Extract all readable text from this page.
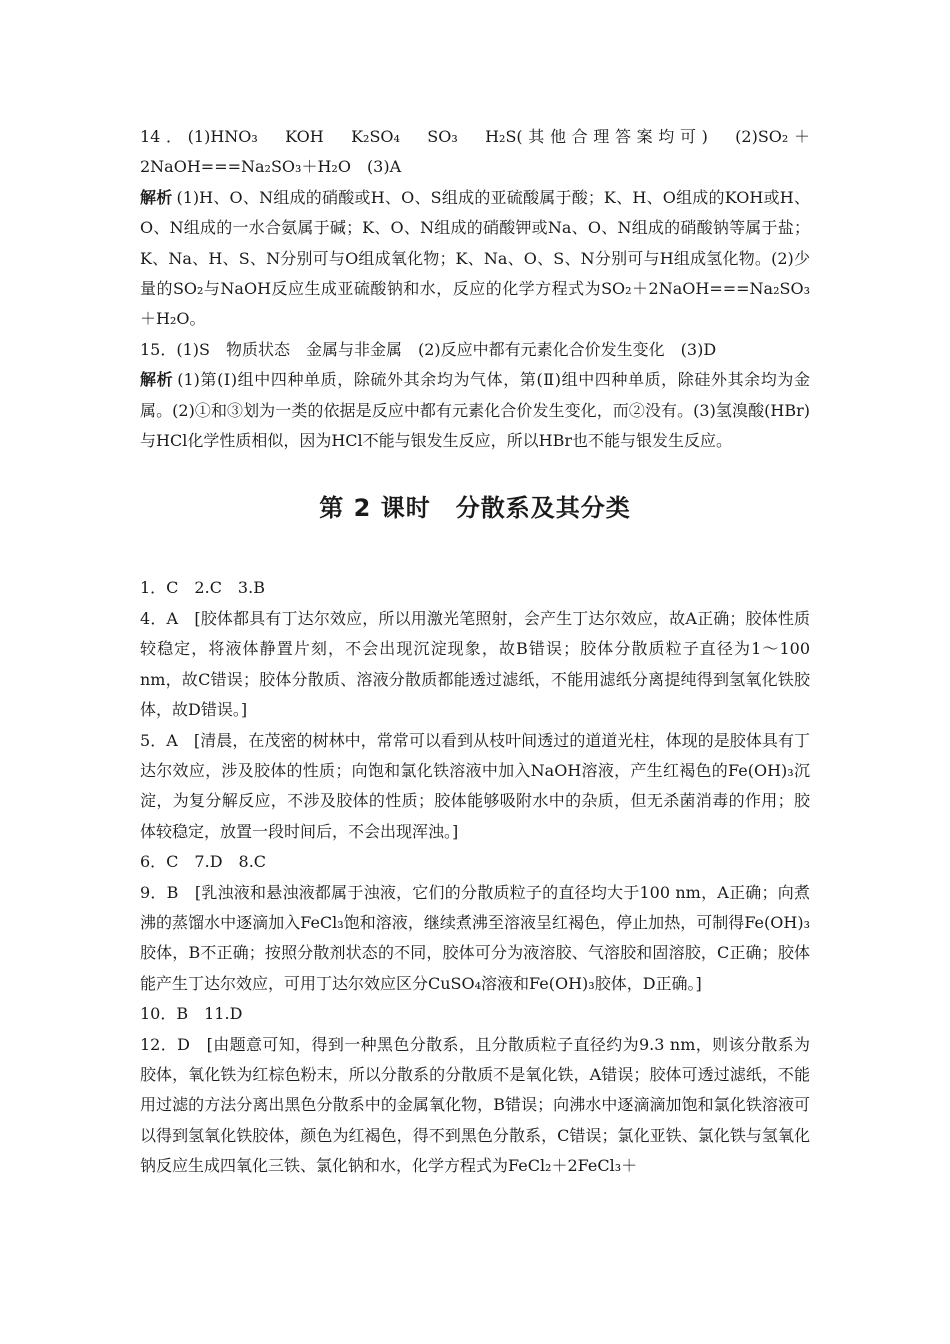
14．(1)HNO₃　KOH　K₂SO₄　SO₃　H₂S(其他合理答案均可)　(2)SO₂＋2NaOH===Na₂SO₃＋H₂O　(3)A

解析 (1)H、O、N组成的硝酸或H、O、S组成的亚硫酸属于酸；K、H、O组成的KOH或H、O、N组成的一水合氨属于碱；K、O、N组成的硝酸钾或Na、O、N组成的硝酸钠等属于盐；K、Na、H、S、N分别可与O组成氧化物；K、Na、O、S、N分别可与H组成氢化物。(2)少量的SO₂与NaOH反应生成亚硫酸钠和水，反应的化学方程式为SO₂＋2NaOH===Na₂SO₃＋H₂O。

15．(1)S　物质状态　金属与非金属　(2)反应中都有元素化合价发生变化　(3)D

解析 (1)第(Ⅰ)组中四种单质，除硫外其余均为气体，第(Ⅱ)组中四种单质，除硅外其余均为金属。(2)①和③划为一类的依据是反应中都有元素化合价发生变化，而②没有。(3)氢溴酸(HBr)与HCl化学性质相似，因为HCl不能与银发生反应，所以HBr也不能与银发生反应。

第 2 课时　分散系及其分类

1．C　2.C　3.B

4．A　[胶体都具有丁达尔效应，所以用激光笔照射，会产生丁达尔效应，故A正确；胶体性质较稳定，将液体静置片刻，不会出现沉淀现象，故B错误；胶体分散质粒子直径为1～100 nm，故C错误；胶体分散质、溶液分散质都能透过滤纸，不能用滤纸分离提纯得到氢氧化铁胶体，故D错误。]

5．A　[清晨，在茂密的树林中，常常可以看到从枝叶间透过的道道光柱，体现的是胶体具有丁达尔效应，涉及胶体的性质；向饱和氯化铁溶液中加入NaOH溶液，产生红褐色的Fe(OH)₃沉淀，为复分解反应，不涉及胶体的性质；胶体能够吸附水中的杂质，但无杀菌消毒的作用；胶体较稳定，放置一段时间后，不会出现浑浊。]

6．C　7.D　8.C

9．B　[乳浊液和悬浊液都属于浊液，它们的分散质粒子的直径均大于100 nm，A正确；向煮沸的蒸馏水中逐滴加入FeCl₃饱和溶液，继续煮沸至溶液呈红褐色，停止加热，可制得Fe(OH)₃胶体，B不正确；按照分散剂状态的不同，胶体可分为液溶胶、气溶胶和固溶胶，C正确；胶体能产生丁达尔效应，可用丁达尔效应区分CuSO₄溶液和Fe(OH)₃胶体，D正确。]

10．B　11.D

12．D　[由题意可知，得到一种黑色分散系，且分散质粒子直径约为9.3 nm，则该分散系为胶体，氧化铁为红棕色粉末，所以分散系的分散质不是氧化铁，A错误；胶体可透过滤纸，不能用过滤的方法分离出黑色分散系中的金属氧化物，B错误；向沸水中逐滴滴加饱和氯化铁溶液可以得到氢氧化铁胶体，颜色为红褐色，得不到黑色分散系，C错误；氯化亚铁、氯化铁与氢氧化钠反应生成四氧化三铁、氯化钠和水，化学方程式为FeCl₂＋2FeCl₃＋
